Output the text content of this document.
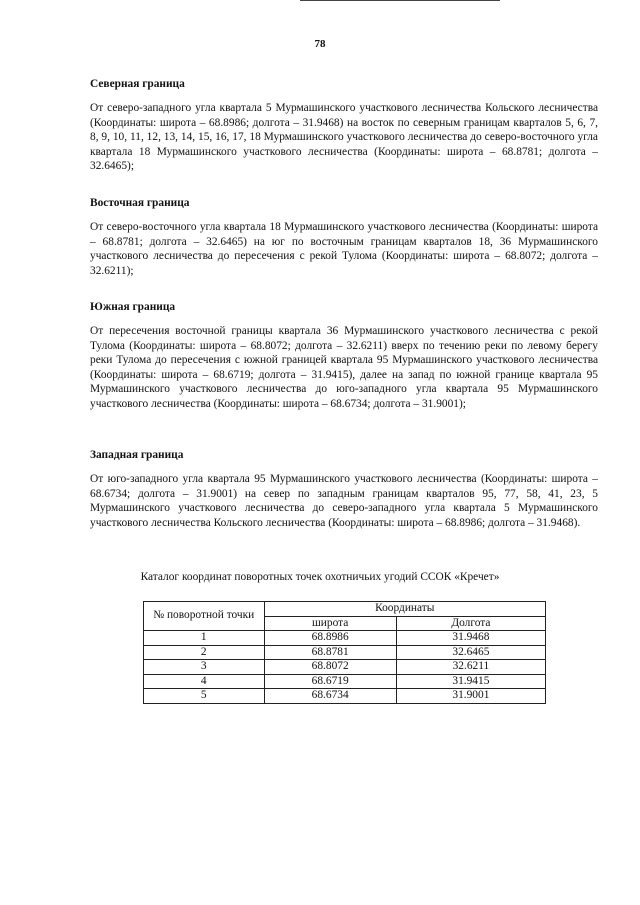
78

Северная граница

От северо-западного угла квартала 5 Мурмашинского участкового лесничества Кольского лесничества (Координаты: широта – 68.8986; долгота – 31.9468) на восток по северным границам кварталов 5, 6, 7, 8, 9, 10, 11, 12, 13, 14, 15, 16, 17, 18 Мурмашинского участкового лесничества до северо-восточного угла квартала 18 Мурмашинского участкового лесничества (Координаты: широта – 68.8781; долгота – 32.6465);

Восточная граница

От северо-восточного угла квартала 18 Мурмашинского участкового лесничества (Координаты: широта – 68.8781; долгота – 32.6465) на юг по восточным границам кварталов 18, 36 Мурмашинского участкового лесничества до пересечения с рекой Тулома (Координаты: широта – 68.8072; долгота – 32.6211);

Южная граница

От пересечения восточной границы квартала 36 Мурмашинского участкового лесничества с рекой Тулома (Координаты: широта – 68.8072; долгота – 32.6211) вверх по течению реки по левому берегу реки Тулома до пересечения с южной границей квартала 95 Мурмашинского участкового лесничества (Координаты: широта – 68.6719; долгота – 31.9415), далее на запад по южной границе квартала 95 Мурмашинского участкового лесничества до юго-западного угла квартала 95 Мурмашинского участкового лесничества (Координаты: широта – 68.6734; долгота – 31.9001);

Западная граница

От юго-западного угла квартала 95 Мурмашинского участкового лесничества (Координаты: широта – 68.6734; долгота – 31.9001) на север по западным границам кварталов 95, 77, 58, 41, 23, 5 Мурмашинского участкового лесничества до северо-западного угла квартала 5 Мурмашинского участкового лесничества Кольского лесничества (Координаты: широта – 68.8986; долгота – 31.9468).

Каталог координат поворотных точек охотничьих угодий ССОК «Кречет»
№ поворотной точки	Координаты	
	широта	Долгота
1	68.8986	31.9468
2	68.8781	32.6465
3	68.8072	32.6211
4	68.6719	31.9415
5	68.6734	31.9001
